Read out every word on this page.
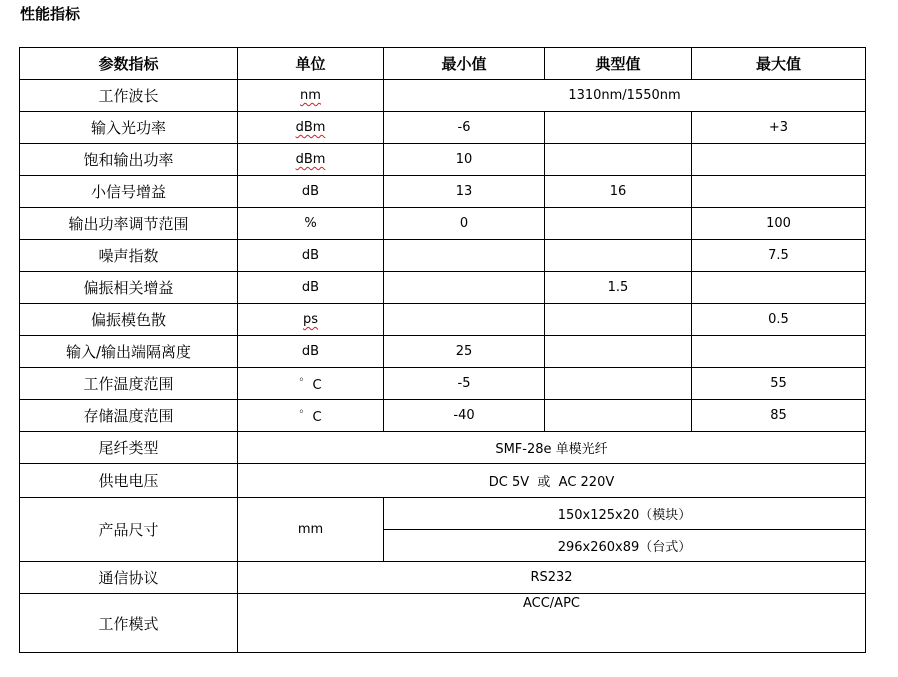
性能指标
参数指标	单位	最小值	典型值	最大值
工作波长	nm	1310nm/1550nm		
输入光功率	dBm	-6		+3
饱和输出功率	dBm	10		
小信号增益	dB	13	16	
输出功率调节范围	%	0		100
噪声指数	dB			7.5
偏振相关增益	dB		1.5	
偏振模色散	ps			0.5
输入/输出端隔离度	dB	25		
工作温度范围	゜C	-5		55
存储温度范围	゜C	-40		85
尾纤类型	SMF-28e 单模光纤			
供电电压	DC 5V  或  AC 220V			
产品尺寸	mm	150x125x20（模块）		
		296x260x89（台式）		
通信协议	RS232			
工作模式	ACC/APC			
